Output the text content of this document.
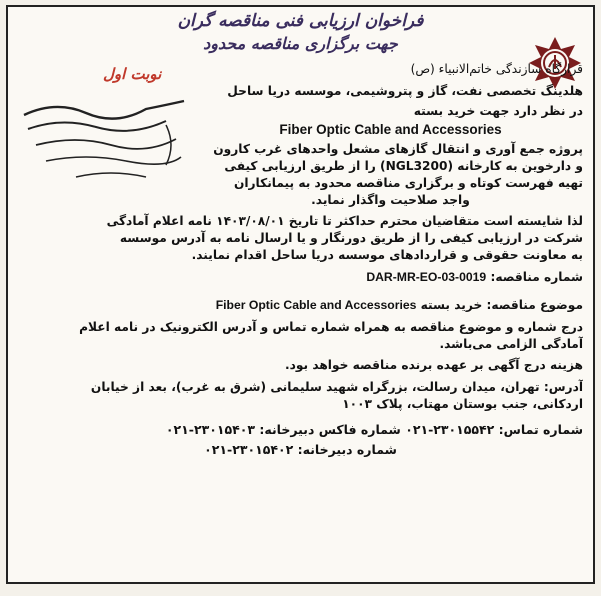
فراخوان ارزیابی فنی مناقصه گران
جهت برگزاری مناقصه محدود
نوبت اول	قرارگاه سازندگی خاتم‌الانبیاء (ص)
هلدینگ تخصصی نفت، گاز و پتروشیمی، موسسه دریا ساحل
در نظر دارد جهت خرید بسته
Fiber Optic Cable and Accessories
پروژه جمع آوری و انتقال گازهای مشعل واحدهای غرب کارون
و دارخوین به کارخانه (NGL3200) را از طریق ارزیابی کیفی
تهیه فهرست کوتاه و برگزاری مناقصه محدود به پیمانکاران
واجد صلاحیت واگذار نماید.
لذا شایسته است متقاضیان محترم حداکثر تا تاریخ ۱۴۰۳/۰۸/۰۱ نامه اعلام آمادگی
شرکت در ارزیابی کیفی را از طریق دورنگار و یا ارسال نامه به آدرس موسسه
به معاونت حقوقی و قراردادهای موسسه دریا ساحل اقدام نمایند.
شماره مناقصه: DAR-MR-EO-03-0019
موضوع مناقصه: خرید بسته Fiber Optic Cable and Accessories
درج شماره و موضوع مناقصه به همراه شماره تماس و آدرس الکترونیک در نامه اعلام
آمادگی الزامی می‌باشد.
هزینه درج آگهی بر عهده برنده مناقصه خواهد بود.
آدرس: تهران، میدان رسالت، بزرگراه شهید سلیمانی (شرق به غرب)، بعد از خیابان
اردکانی، جنب بوستان مهتاب، پلاک ۱۰۰۳
شماره تماس: ۲۳۰۱۵۵۴۲-۰۲۱ شماره فاکس دبیرخانه: ۲۳۰۱۵۴۰۳-۰۲۱
شماره دبیرخانه: ۲۳۰۱۵۴۰۲-۰۲۱
